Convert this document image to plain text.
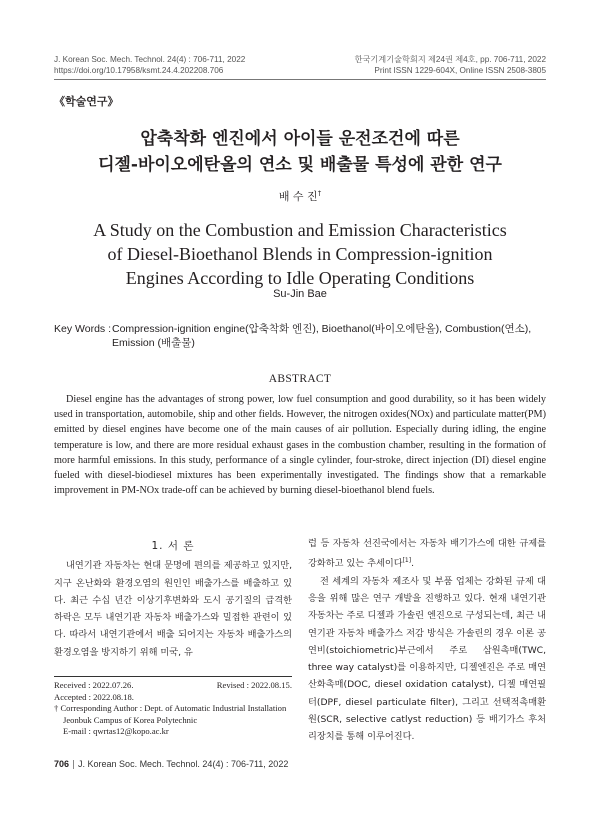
J. Korean Soc. Mech. Technol. 24(4) : 706-711, 2022
https://doi.org/10.17958/ksmt.24.4.202208.706
한국기계기술학회지 제24권 제4호, pp. 706-711, 2022
Print ISSN 1229-604X, Online ISSN 2508-3805
《학술연구》
압축착화 엔진에서 아이들 운전조건에 따른
디젤-바이오에탄올의 연소 및 배출물 특성에 관한 연구
배 수 진†
A Study on the Combustion and Emission Characteristics
of Diesel-Bioethanol Blends in Compression-ignition
Engines According to Idle Operating Conditions
Su-Jin Bae
Key Words : Compression-ignition engine(압축착화 엔진), Bioethanol(바이오에탄올), Combustion(연소), Emission (배출물)
ABSTRACT
Diesel engine has the advantages of strong power, low fuel consumption and good durability, so it has been widely used in transportation, automobile, ship and other fields. However, the nitrogen oxides(NOx) and particulate matter(PM) emitted by diesel engines have become one of the main causes of air pollution. Especially during idling, the engine temperature is low, and there are more residual exhaust gases in the combustion chamber, resulting in the formation of more harmful emissions. In this study, performance of a single cylinder, four-stroke, direct injection (DI) diesel engine fueled with diesel-biodiesel mixtures has been experimentally investigated. The findings show that a remarkable improvement in PM-NOx trade-off can be achieved by burning diesel-bioethanol blend fuels.
1. 서 론

내연기관 자동차는 현대 문명에 편의를 제공하고 있지만, 지구 온난화와 환경오염의 원인인 배출가스를 배출하고 있다. 최근 수십 년간 이상기후변화와 도시 공기질의 급격한 하락은 모두 내연기관 자동차 배출가스와 밀접한 관련이 있다. 따라서 내연기관에서 배출 되어지는 자동차 배출가스의 환경오염을 방지하기 위해 미국, 유

럽 등 자동차 선진국에서는 자동차 배기가스에 대한 규제를 강화하고 있는 추세이다[1].

전 세계의 자동차 제조사 및 부품 업체는 강화된 규제 대응을 위해 많은 연구 개발을 진행하고 있다. 현재 내연기관 자동차는 주로 디젤과 가솔린 엔진으로 구성되는데, 최근 내연기관 자동차 배출가스 저감 방식은 가솔린의 경우 이론 공연비(stoichiometric)부근에서 주로 삼원촉매(TWC, three way catalyst)를 이용하지만, 디젤엔진은 주로 매연 산화촉매(DOC, diesel oxidation catalyst), 디젤 매연필터(DPF, diesel particulate filter), 그리고 선택적촉매환원(SCR, selective catlyst reduction) 등 배기가스 후처리장치를 통해 이루어진다.

Received : 2022.07.26.	Revised : 2022.08.15.
Accepted : 2022.08.18.
† Corresponding Author : Dept. of Automatic Industrial Installation
Jeonbuk Campus of Korea Polytechnic
E-mail : qwrtas12@kopo.ac.kr
706 J. Korean Soc. Mech. Technol. 24(4) : 706-711, 2022
